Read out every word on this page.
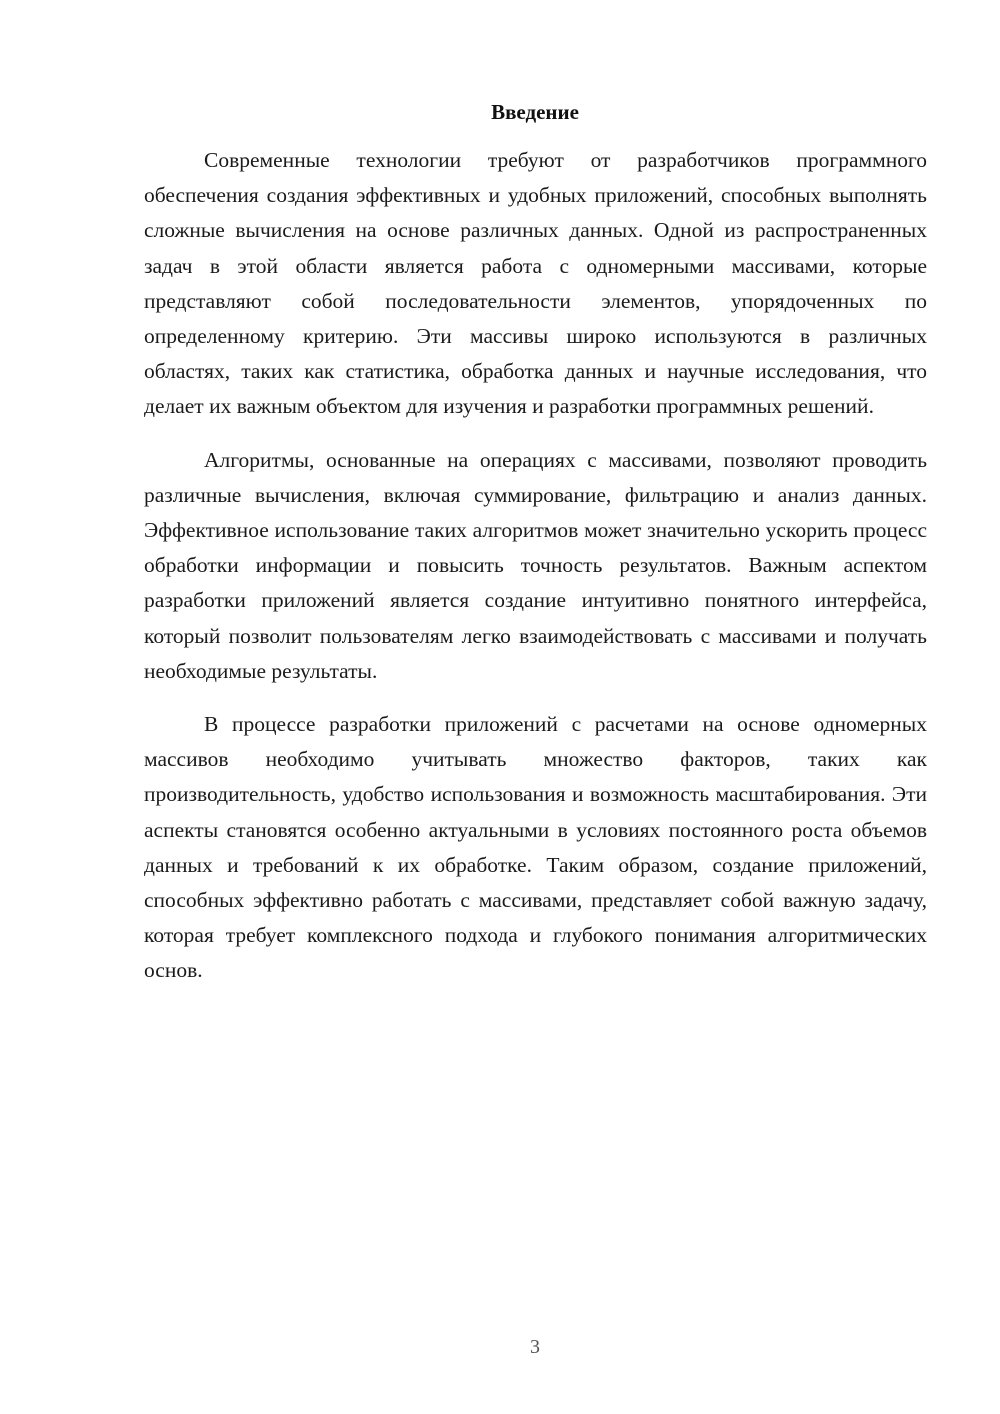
Введение

Современные технологии требуют от разработчиков программного обеспечения создания эффективных и удобных приложений, способных выполнять сложные вычисления на основе различных данных. Одной из распространенных задач в этой области является работа с одномерными массивами, которые представляют собой последовательности элементов, упорядоченных по определенному критерию. Эти массивы широко используются в различных областях, таких как статистика, обработка данных и научные исследования, что делает их важным объектом для изучения и разработки программных решений.

Алгоритмы, основанные на операциях с массивами, позволяют проводить различные вычисления, включая суммирование, фильтрацию и анализ данных. Эффективное использование таких алгоритмов может значительно ускорить процесс обработки информации и повысить точность результатов. Важным аспектом разработки приложений является создание интуитивно понятного интерфейса, который позволит пользователям легко взаимодействовать с массивами и получать необходимые результаты.

В процессе разработки приложений с расчетами на основе одномерных массивов необходимо учитывать множество факторов, таких как производительность, удобство использования и возможность масштабирования. Эти аспекты становятся особенно актуальными в условиях постоянного роста объемов данных и требований к их обработке. Таким образом, создание приложений, способных эффективно работать с массивами, представляет собой важную задачу, которая требует комплексного подхода и глубокого понимания алгоритмических основ.

3
